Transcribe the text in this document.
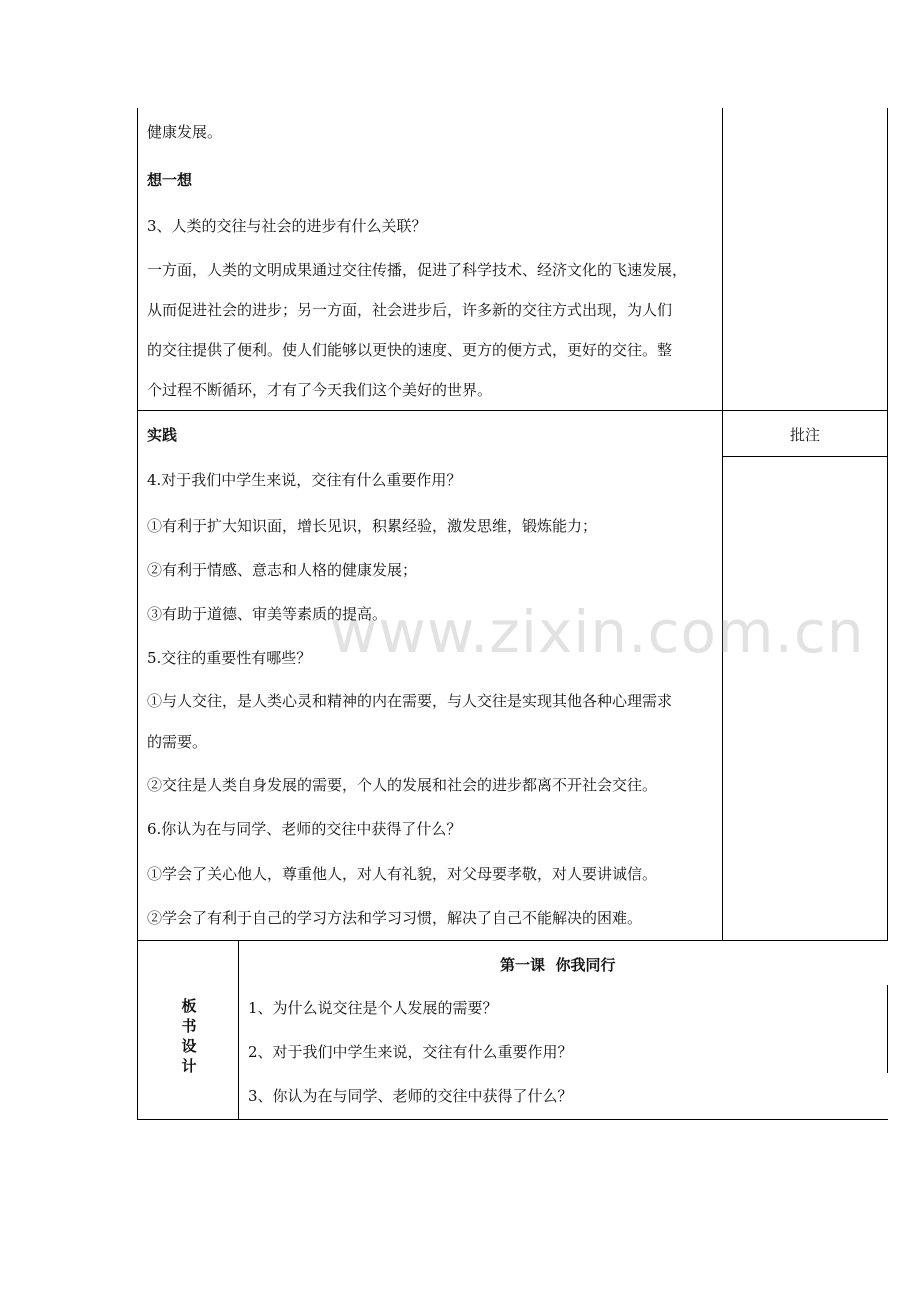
www.zixin.com.cn
健康发展。
想一想
3、人类的交往与社会的进步有什么关联？
一方面，人类的文明成果通过交往传播，促进了科学技术、经济文化的飞速发展，
从而促进社会的进步；另一方面，社会进步后，许多新的交往方式出现，为人们
的交往提供了便利。使人们能够以更快的速度、更方的便方式，更好的交往。整
个过程不断循环，才有了今天我们这个美好的世界。
实践	批注
4.对于我们中学生来说，交往有什么重要作用？
①有利于扩大知识面，增长见识，积累经验，激发思维，锻炼能力；
②有利于情感、意志和人格的健康发展；
③有助于道德、审美等素质的提高。
5.交往的重要性有哪些？
①与人交往，是人类心灵和精神的内在需要，与人交往是实现其他各种心理需求
的需要。
②交往是人类自身发展的需要，个人的发展和社会的进步都离不开社会交往。
6.你认为在与同学、老师的交往中获得了什么？
①学会了关心他人，尊重他人，对人有礼貌，对父母要孝敬，对人要讲诚信。
②学会了有利于自己的学习方法和学习习惯，解决了自己不能解决的困难。
板
书
设
计
第一课  你我同行
1、为什么说交往是个人发展的需要？
2、对于我们中学生来说，交往有什么重要作用？
3、你认为在与同学、老师的交往中获得了什么？
